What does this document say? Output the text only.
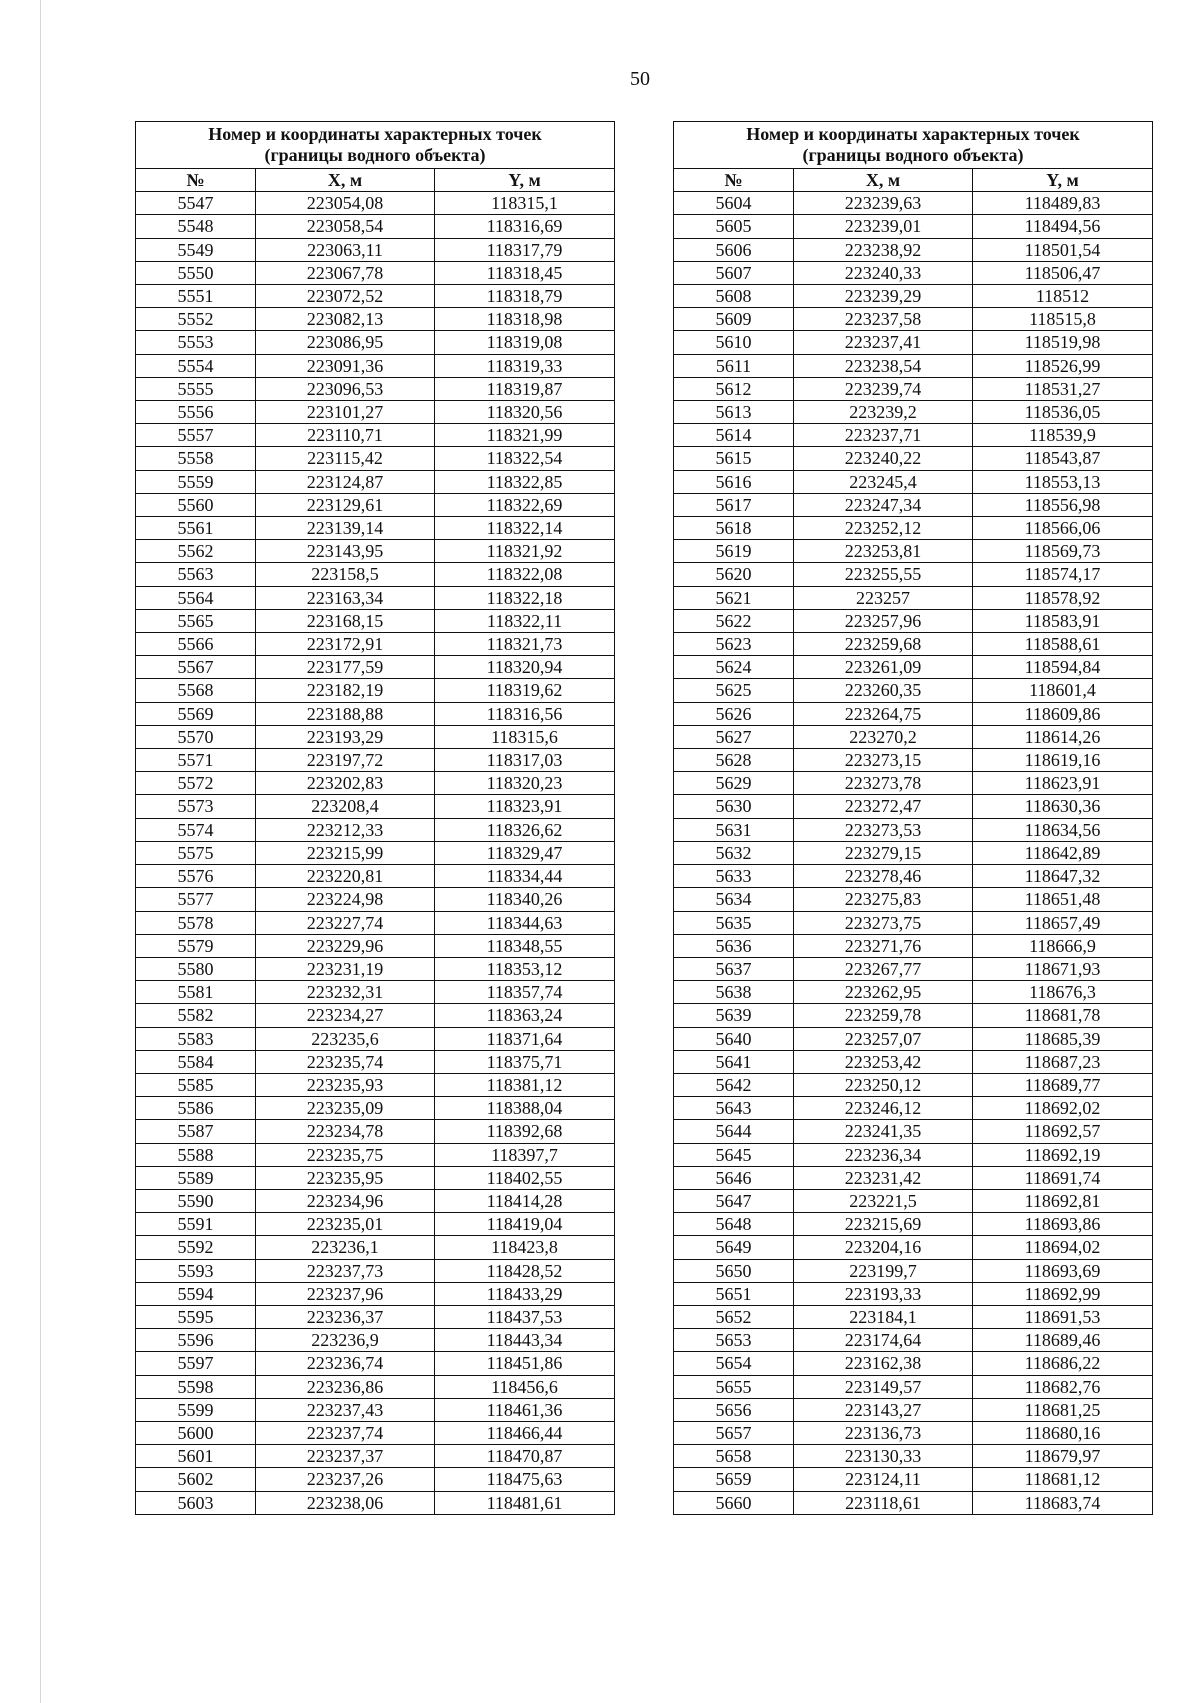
50
Номер и координаты характерных точек
(границы водного объекта)		
№	X, м	Y, м
5547	223054,08	118315,1
5548	223058,54	118316,69
5549	223063,11	118317,79
5550	223067,78	118318,45
5551	223072,52	118318,79
5552	223082,13	118318,98
5553	223086,95	118319,08
5554	223091,36	118319,33
5555	223096,53	118319,87
5556	223101,27	118320,56
5557	223110,71	118321,99
5558	223115,42	118322,54
5559	223124,87	118322,85
5560	223129,61	118322,69
5561	223139,14	118322,14
5562	223143,95	118321,92
5563	223158,5	118322,08
5564	223163,34	118322,18
5565	223168,15	118322,11
5566	223172,91	118321,73
5567	223177,59	118320,94
5568	223182,19	118319,62
5569	223188,88	118316,56
5570	223193,29	118315,6
5571	223197,72	118317,03
5572	223202,83	118320,23
5573	223208,4	118323,91
5574	223212,33	118326,62
5575	223215,99	118329,47
5576	223220,81	118334,44
5577	223224,98	118340,26
5578	223227,74	118344,63
5579	223229,96	118348,55
5580	223231,19	118353,12
5581	223232,31	118357,74
5582	223234,27	118363,24
5583	223235,6	118371,64
5584	223235,74	118375,71
5585	223235,93	118381,12
5586	223235,09	118388,04
5587	223234,78	118392,68
5588	223235,75	118397,7
5589	223235,95	118402,55
5590	223234,96	118414,28
5591	223235,01	118419,04
5592	223236,1	118423,8
5593	223237,73	118428,52
5594	223237,96	118433,29
5595	223236,37	118437,53
5596	223236,9	118443,34
5597	223236,74	118451,86
5598	223236,86	118456,6
5599	223237,43	118461,36
5600	223237,74	118466,44
5601	223237,37	118470,87
5602	223237,26	118475,63
5603	223238,06	118481,61
Номер и координаты характерных точек
(границы водного объекта)		
№	X, м	Y, м
5604	223239,63	118489,83
5605	223239,01	118494,56
5606	223238,92	118501,54
5607	223240,33	118506,47
5608	223239,29	118512
5609	223237,58	118515,8
5610	223237,41	118519,98
5611	223238,54	118526,99
5612	223239,74	118531,27
5613	223239,2	118536,05
5614	223237,71	118539,9
5615	223240,22	118543,87
5616	223245,4	118553,13
5617	223247,34	118556,98
5618	223252,12	118566,06
5619	223253,81	118569,73
5620	223255,55	118574,17
5621	223257	118578,92
5622	223257,96	118583,91
5623	223259,68	118588,61
5624	223261,09	118594,84
5625	223260,35	118601,4
5626	223264,75	118609,86
5627	223270,2	118614,26
5628	223273,15	118619,16
5629	223273,78	118623,91
5630	223272,47	118630,36
5631	223273,53	118634,56
5632	223279,15	118642,89
5633	223278,46	118647,32
5634	223275,83	118651,48
5635	223273,75	118657,49
5636	223271,76	118666,9
5637	223267,77	118671,93
5638	223262,95	118676,3
5639	223259,78	118681,78
5640	223257,07	118685,39
5641	223253,42	118687,23
5642	223250,12	118689,77
5643	223246,12	118692,02
5644	223241,35	118692,57
5645	223236,34	118692,19
5646	223231,42	118691,74
5647	223221,5	118692,81
5648	223215,69	118693,86
5649	223204,16	118694,02
5650	223199,7	118693,69
5651	223193,33	118692,99
5652	223184,1	118691,53
5653	223174,64	118689,46
5654	223162,38	118686,22
5655	223149,57	118682,76
5656	223143,27	118681,25
5657	223136,73	118680,16
5658	223130,33	118679,97
5659	223124,11	118681,12
5660	223118,61	118683,74
